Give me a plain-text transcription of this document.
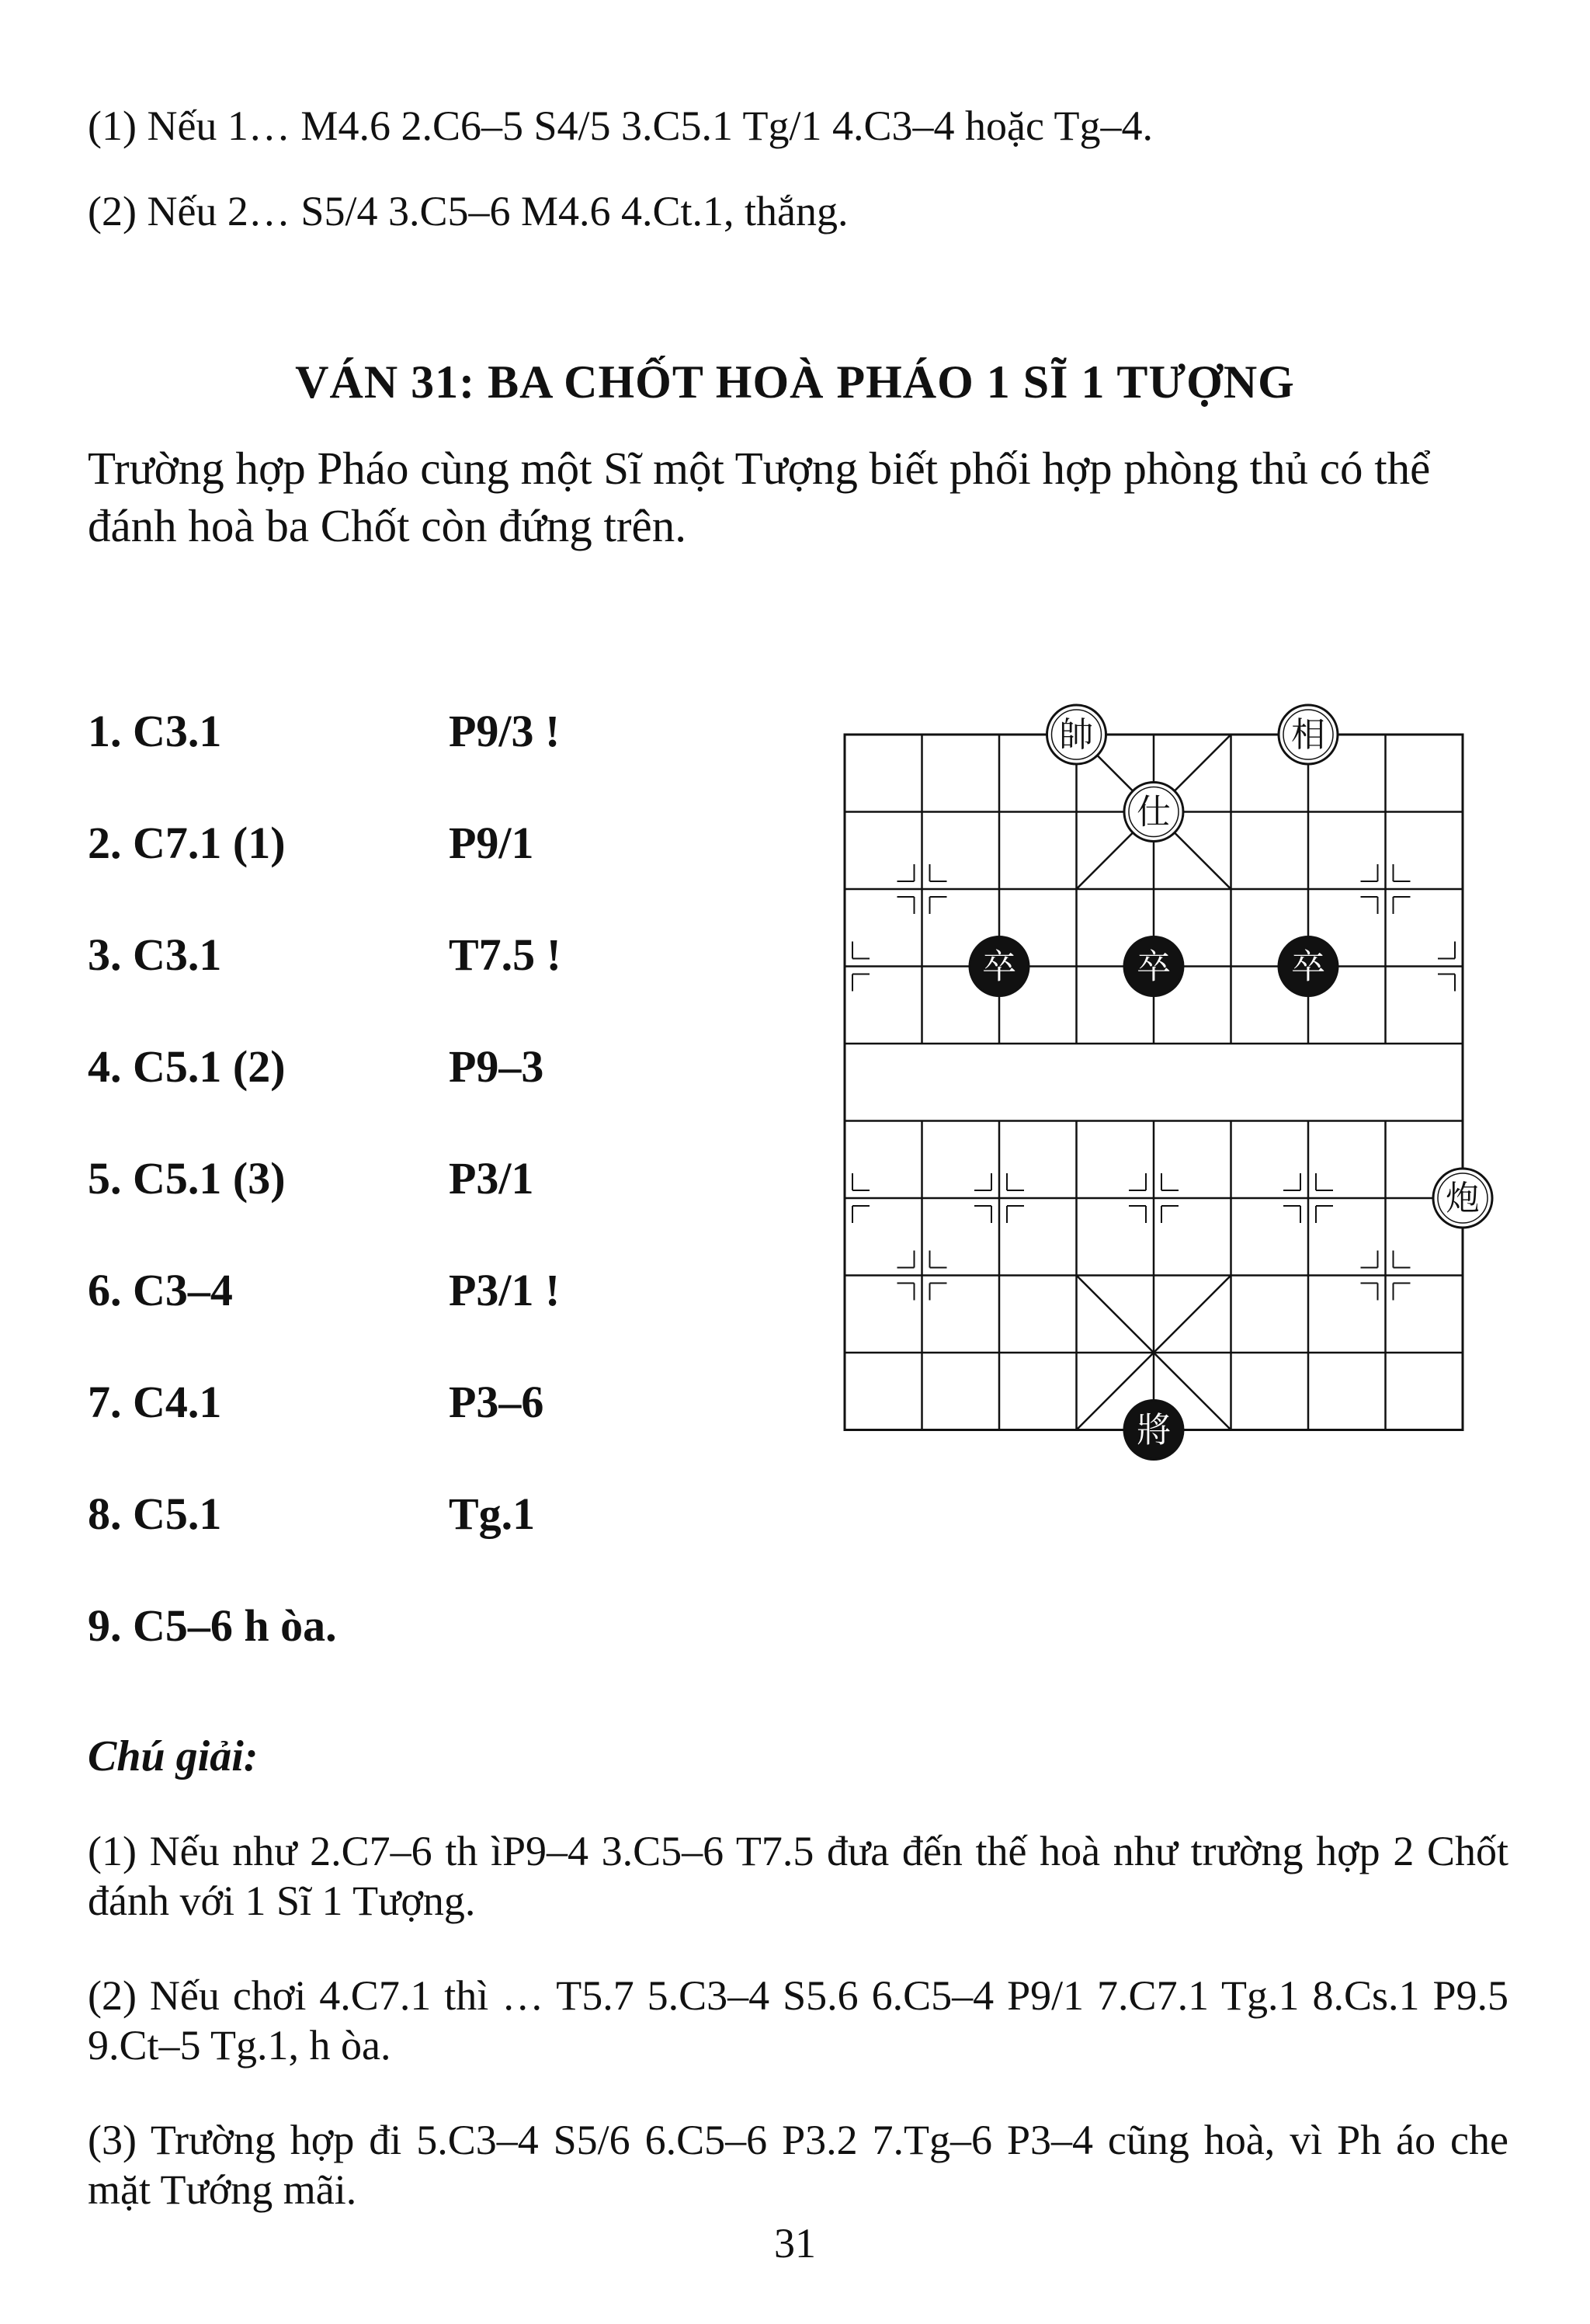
(1) Nếu 1… M4.6 2.C6–5 S4/5 3.C5.1 Tg/1 4.C3–4 hoặc Tg–4.
(2) Nếu 2… S5/4 3.C5–6 M4.6 4.Ct.1, thắng.
VÁN 31: BA CHỐT HOÀ PHÁO 1 SĨ 1 TƯỢNG
Trường hợp Pháo cùng một Sĩ một Tượng biết phối hợp phòng thủ có thể đánh hoà ba Chốt còn đứng trên.
1. C3.1	P9/3 !
2. C7.1 (1)	P9/1
3. C3.1	T7.5 !
4. C5.1 (2)	P9–3
5. C5.1 (3)	P3/1
6. C3–4	P3/1 !
7. C4.1	P3–6
8. C5.1	Tg.1
9. C5–6 h òa.
帥	相
仕
卒	卒	卒
炮
將
Chú giải:
(1) Nếu như 2.C7–6 th ìP9–4 3.C5–6 T7.5 đưa đến thế hoà như trường hợp 2 Chốt đánh với 1 Sĩ 1 Tượng.
(2) Nếu chơi 4.C7.1 thì … T5.7 5.C3–4 S5.6 6.C5–4 P9/1 7.C7.1 Tg.1 8.Cs.1 P9.5 9.Ct–5 Tg.1, h òa.
(3) Trường hợp đi 5.C3–4 S5/6 6.C5–6 P3.2 7.Tg–6 P3–4 cũng hoà, vì Ph áo che mặt Tướng mãi.
31
